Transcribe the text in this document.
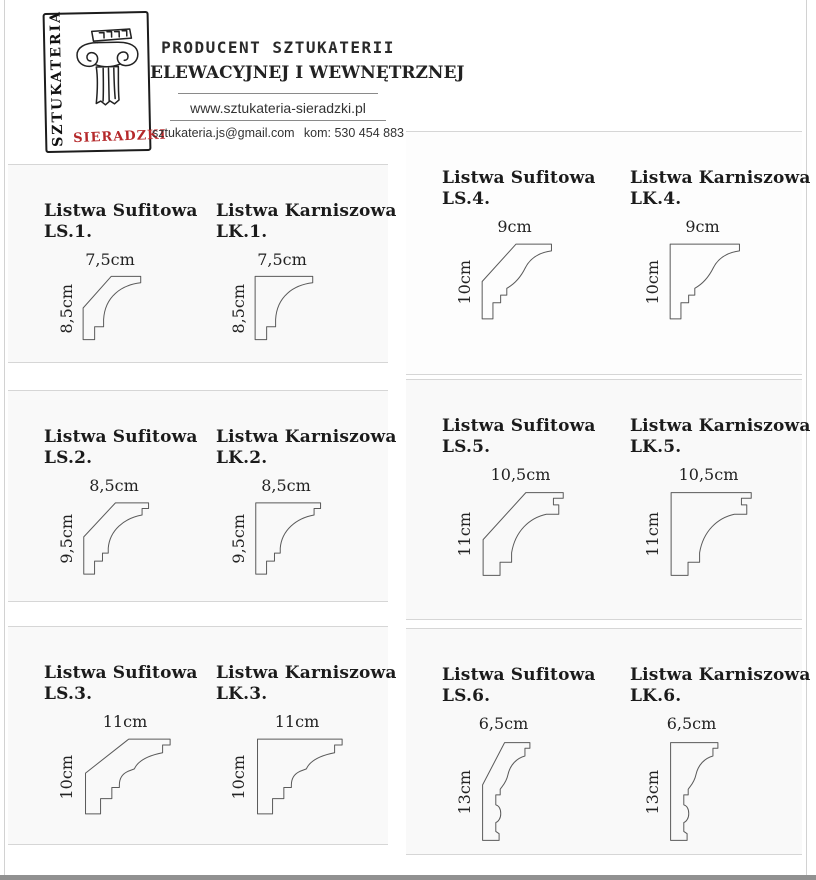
SZTUKATERIA SIERADZKI
PRODUCENT SZTUKATERII
ELEWACYJNEJ I WEWNĘTRZNEJ
www.sztukateria-sieradzki.pl
sztukateria.js@gmail.com kom: 530 454 883
Listwa Sufitowa
LS.1.
7,5cm
8,5cm
Listwa Karniszowa
LK.1.
7,5cm
8,5cm
Listwa Sufitowa
LS.2.
8,5cm
9,5cm
Listwa Karniszowa
LK.2.
8,5cm
9,5cm
Listwa Sufitowa
LS.3.
11cm
10cm
Listwa Karniszowa
LK.3.
11cm
10cm
Listwa Sufitowa
LS.4.
9cm
10cm
Listwa Karniszowa
LK.4.
9cm
10cm
Listwa Sufitowa
LS.5.
10,5cm
11cm
Listwa Karniszowa
LK.5.
10,5cm
11cm
Listwa Sufitowa
LS.6.
6,5cm
13cm
Listwa Karniszowa
LK.6.
6,5cm
13cm
